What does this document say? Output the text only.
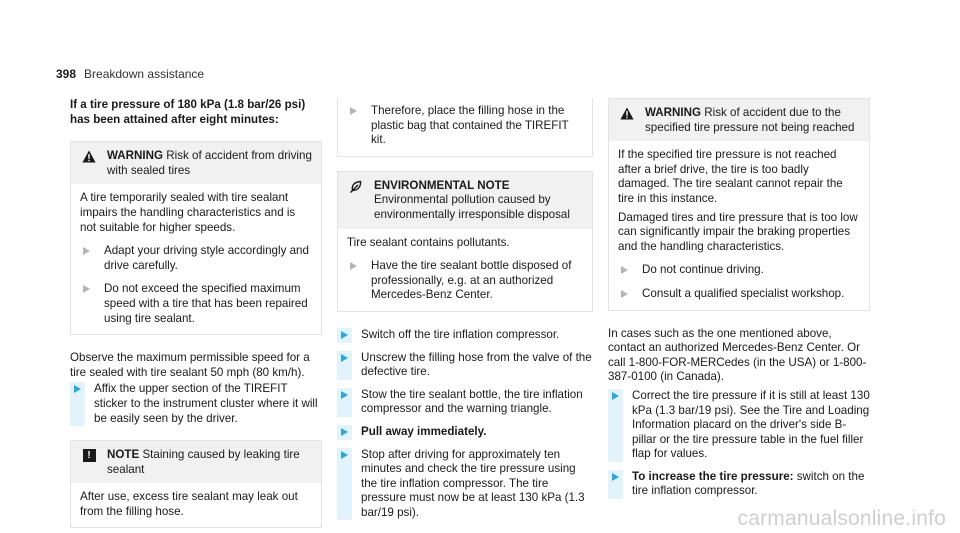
398 Breakdown assistance

If a tire pressure of 180 kPa (1.8 bar/26 psi) has been attained after eight minutes:

WARNING Risk of accident from driving with sealed tires

A tire temporarily sealed with tire sealant impairs the handling characteristics and is not suitable for higher speeds.

Adapt your driving style accordingly and drive carefully.

Do not exceed the specified maximum speed with a tire that has been repaired using tire sealant.

Observe the maximum permissible speed for a tire sealed with tire sealant 50 mph (80 km/h).

Affix the upper section of the TIREFIT sticker to the instrument cluster where it will be easily seen by the driver.

!	NOTE Staining caused by leaking tire sealant

After use, excess tire sealant may leak out from the filling hose.

Therefore, place the filling hose in the plastic bag that contained the TIREFIT kit.

ENVIRONMENTAL NOTE Environmental pollution caused by environmentally irresponsible disposal

Tire sealant contains pollutants.

Have the tire sealant bottle disposed of professionally, e.g. at an authorized Mercedes-Benz Center.

Switch off the tire inflation compressor.

Unscrew the filling hose from the valve of the defective tire.

Stow the tire sealant bottle, the tire inflation compressor and the warning triangle.

Pull away immediately.

Stop after driving for approximately ten minutes and check the tire pressure using the tire inflation compressor. The tire pressure must now be at least 130 kPa (1.3 bar/19 psi).

WARNING Risk of accident due to the specified tire pressure not being reached

If the specified tire pressure is not reached after a brief drive, the tire is too badly damaged. The tire sealant cannot repair the tire in this instance.

Damaged tires and tire pressure that is too low can significantly impair the braking properties and the handling characteristics.

Do not continue driving.

Consult a qualified specialist workshop.

In cases such as the one mentioned above, contact an authorized Mercedes-Benz Center. Or call 1-800-FOR-MERCedes (in the USA) or 1-800-387-0100 (in Canada).

Correct the tire pressure if it is still at least 130 kPa (1.3 bar/19 psi). See the Tire and Loading Information placard on the driver's side B-pillar or the tire pressure table in the fuel filler flap for values.

To increase the tire pressure: switch on the tire inflation compressor.

carmanualsonline.info
